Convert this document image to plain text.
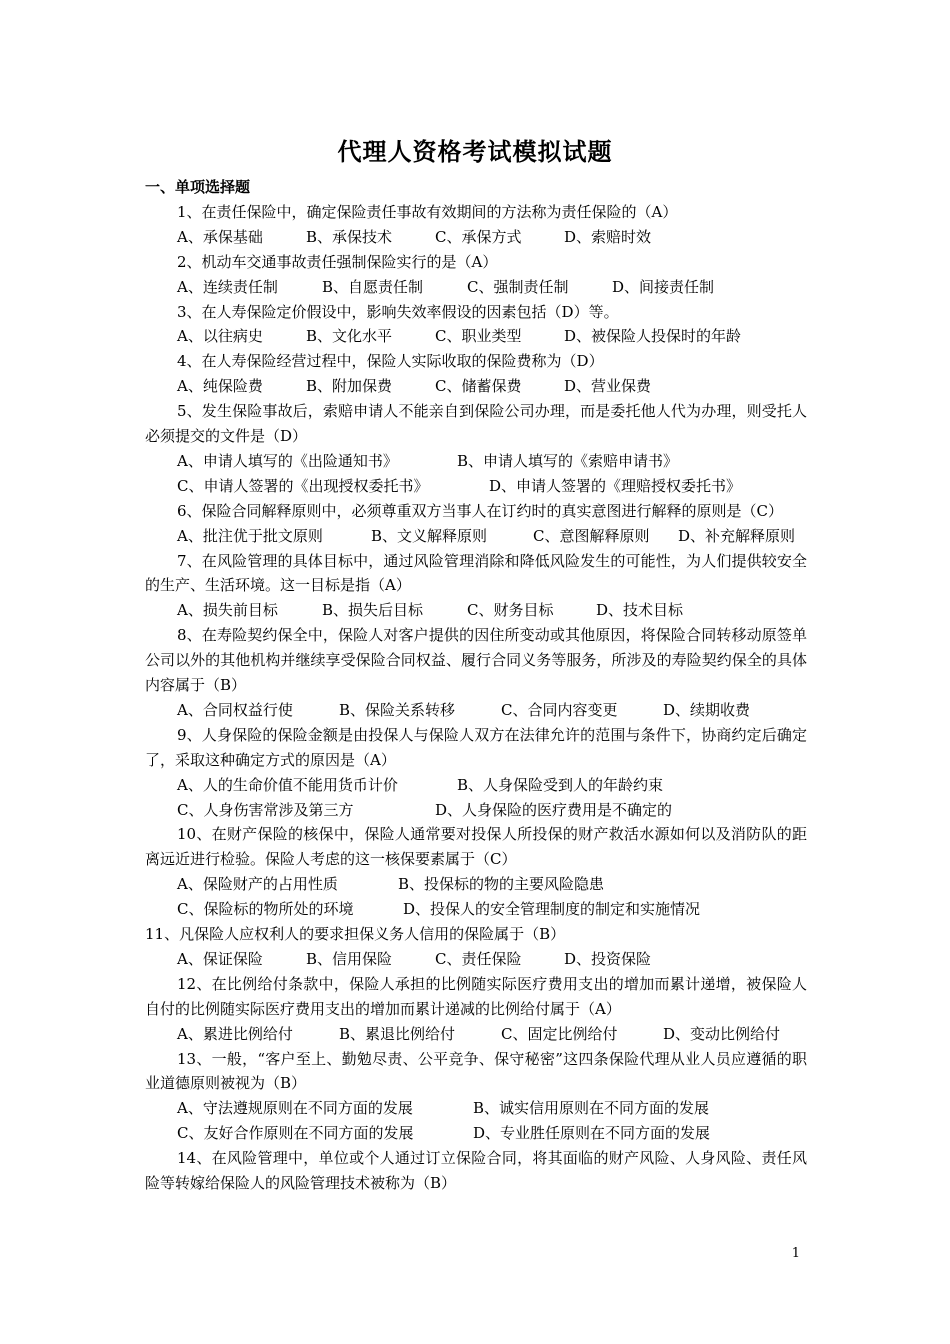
代理人资格考试模拟试题
一、单项选择题
1、在责任保险中，确定保险责任事故有效期间的方法称为责任保险的（A）
A、承保基础	B、承保技术	C、承保方式	D、索赔时效
2、机动车交通事故责任强制保险实行的是（A）
A、连续责任制	B、自愿责任制	C、强制责任制	D、间接责任制
3、在人寿保险定价假设中，影响失效率假设的因素包括（D）等。
A、以往病史	B、文化水平	C、职业类型	D、被保险人投保时的年龄
4、在人寿保险经营过程中，保险人实际收取的保险费称为（D）
A、纯保险费	B、附加保费	C、储蓄保费	D、营业保费
5、发生保险事故后，索赔申请人不能亲自到保险公司办理，而是委托他人代为办理，则受托人必须提交的文件是（D）
A、申请人填写的《出险通知书》	B、申请人填写的《索赔申请书》
C、申请人签署的《出现授权委托书》	D、申请人签署的《理赔授权委托书》
6、保险合同解释原则中，必须尊重双方当事人在订约时的真实意图进行解释的原则是（C）
A、批注优于批文原则	B、文义解释原则	C、意图解释原则 D、补充解释原则
7、在风险管理的具体目标中，通过风险管理消除和降低风险发生的可能性，为人们提供较安全的生产、生活环境。这一目标是指（A）
A、损失前目标	B、损失后目标	C、财务目标	D、技术目标
8、在寿险契约保全中，保险人对客户提供的因住所变动或其他原因，将保险合同转移动原签单公司以外的其他机构并继续享受保险合同权益、履行合同义务等服务，所涉及的寿险契约保全的具体内容属于（B）
A、合同权益行使	B、保险关系转移	C、合同内容变更	D、续期收费
9、人身保险的保险金额是由投保人与保险人双方在法律允许的范围与条件下，协商约定后确定了，采取这种确定方式的原因是（A）
A、人的生命价值不能用货币计价	B、人身保险受到人的年龄约束
C、人身伤害常涉及第三方	D、人身保险的医疗费用是不确定的
10、在财产保险的核保中，保险人通常要对投保人所投保的财产救活水源如何以及消防队的距离远近进行检验。保险人考虑的这一核保要素属于（C）
A、保险财产的占用性质	B、投保标的物的主要风险隐患
C、保险标的物所处的环境	D、投保人的安全管理制度的制定和实施情况
11、凡保险人应权利人的要求担保义务人信用的保险属于（B）
A、保证保险	B、信用保险	C、责任保险	D、投资保险
12、在比例给付条款中，保险人承担的比例随实际医疗费用支出的增加而累计递增，被保险人自付的比例随实际医疗费用支出的增加而累计递减的比例给付属于（A）
A、累进比例给付	B、累退比例给付	C、固定比例给付	D、变动比例给付
13、一般，“客户至上、勤勉尽责、公平竞争、保守秘密”这四条保险代理从业人员应遵循的职业道德原则被视为（B）
A、守法遵规原则在不同方面的发展	B、诚实信用原则在不同方面的发展
C、友好合作原则在不同方面的发展	D、专业胜任原则在不同方面的发展
14、在风险管理中，单位或个人通过订立保险合同，将其面临的财产风险、人身风险、责任风险等转嫁给保险人的风险管理技术被称为（B）
1
